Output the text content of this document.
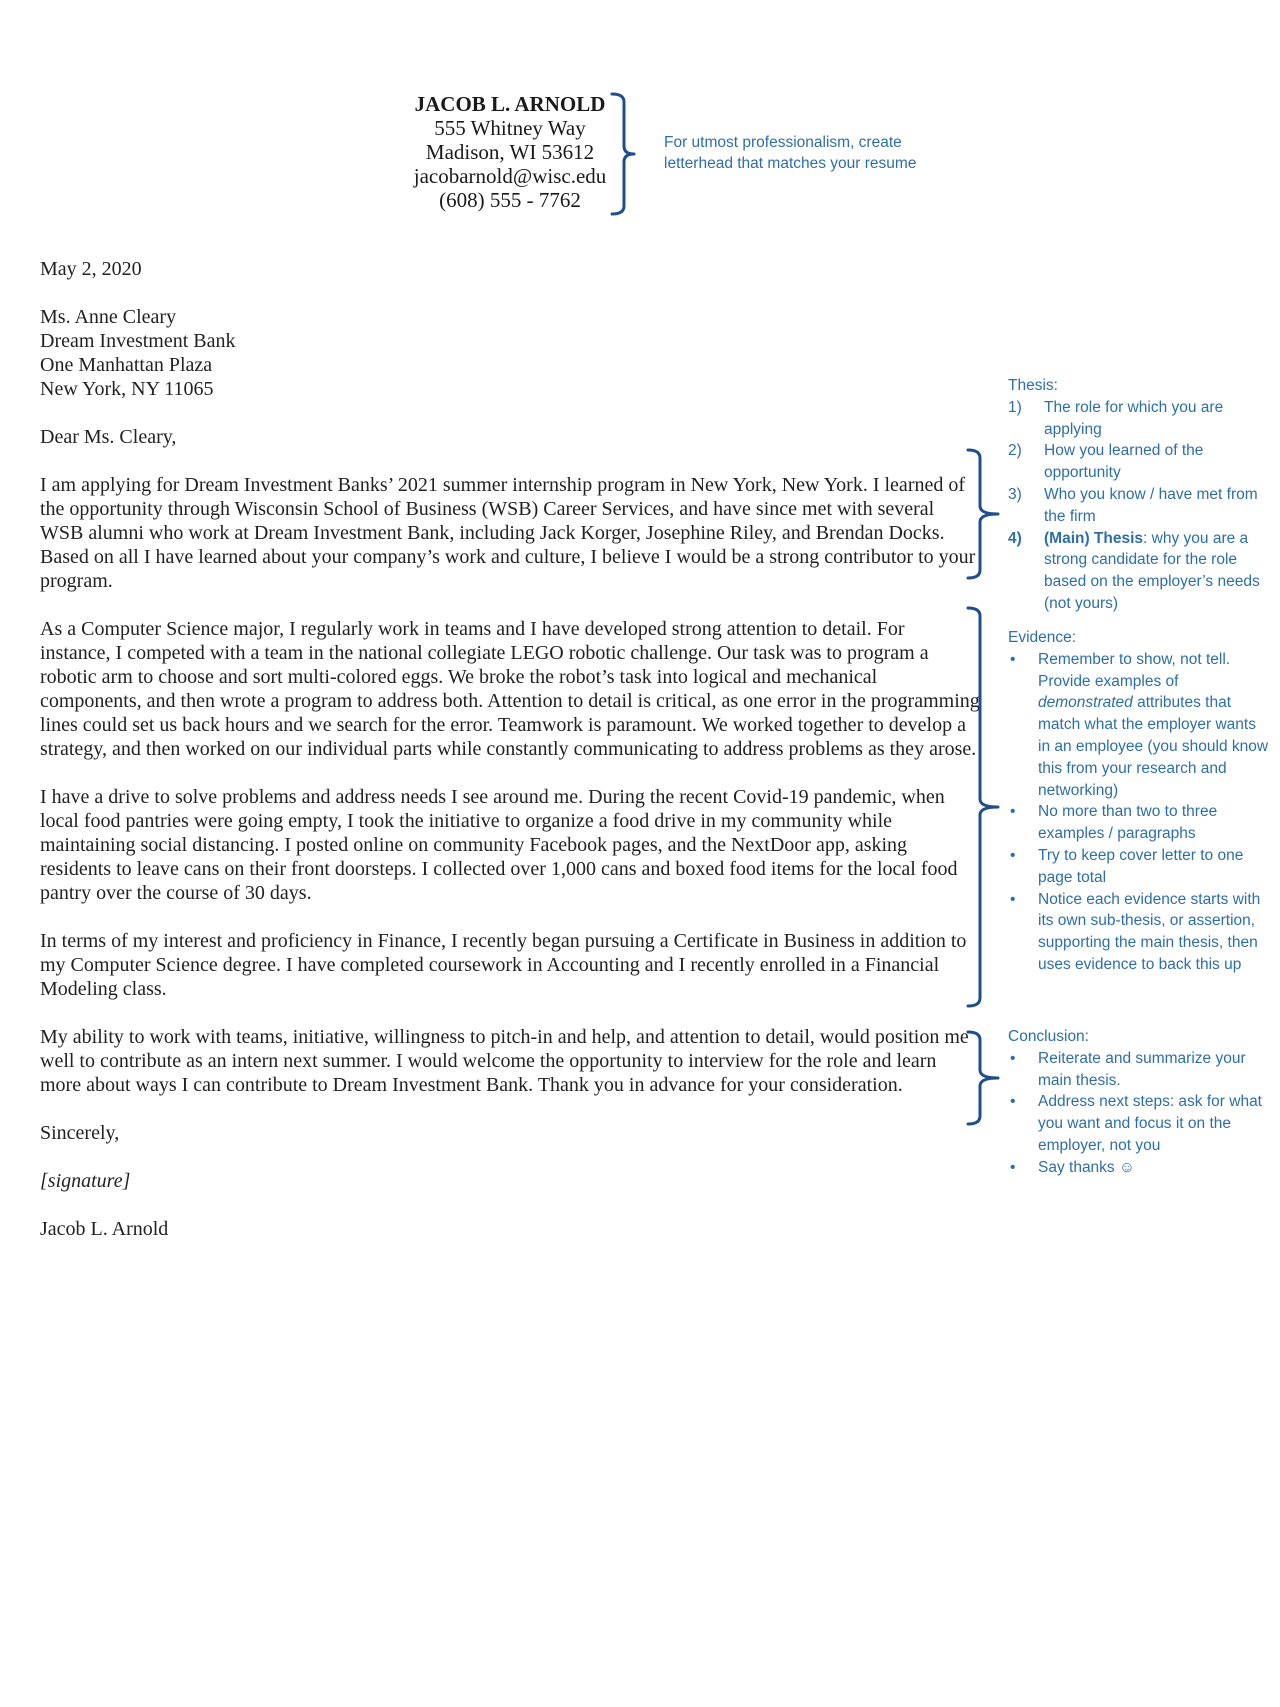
JACOB L. ARNOLD
555 Whitney Way
Madison, WI 53612
jacobarnold@wisc.edu
(608) 555 - 7762
For utmost professionalism, create letterhead that matches your resume

May 2, 2020

Ms. Anne Cleary
Dream Investment Bank
One Manhattan Plaza
New York, NY 11065

Dear Ms. Cleary,

I am applying for Dream Investment Banks’ 2021 summer internship program in New York, New York. I learned of the opportunity through Wisconsin School of Business (WSB) Career Services, and have since met with several WSB alumni who work at Dream Investment Bank, including Jack Korger, Josephine Riley, and Brendan Docks. Based on all I have learned about your company’s work and culture, I believe I would be a strong contributor to your program.

As a Computer Science major, I regularly work in teams and I have developed strong attention to detail. For instance, I competed with a team in the national collegiate LEGO robotic challenge. Our task was to program a robotic arm to choose and sort multi-colored eggs. We broke the robot’s task into logical and mechanical components, and then wrote a program to address both. Attention to detail is critical, as one error in the programming lines could set us back hours and we search for the error. Teamwork is paramount. We worked together to develop a strategy, and then worked on our individual parts while constantly communicating to address problems as they arose.

I have a drive to solve problems and address needs I see around me. During the recent Covid-19 pandemic, when local food pantries were going empty, I took the initiative to organize a food drive in my community while maintaining social distancing. I posted online on community Facebook pages, and the NextDoor app, asking residents to leave cans on their front doorsteps. I collected over 1,000 cans and boxed food items for the local food pantry over the course of 30 days.

In terms of my interest and proficiency in Finance, I recently began pursuing a Certificate in Business in addition to my Computer Science degree. I have completed coursework in Accounting and I recently enrolled in a Financial Modeling class.

My ability to work with teams, initiative, willingness to pitch-in and help, and attention to detail, would position me well to contribute as an intern next summer. I would welcome the opportunity to interview for the role and learn more about ways I can contribute to Dream Investment Bank. Thank you in advance for your consideration.

Sincerely,

[signature]

Jacob L. Arnold

Thesis:
1)	The role for which you are applying
2)	How you learned of the opportunity
3)	Who you know / have met from the firm
4)	(Main) Thesis: why you are a strong candidate for the role based on the employer’s needs (not yours)
Evidence:
• Remember to show, not tell. Provide examples of demonstrated attributes that match what the employer wants in an employee (you should know this from your research and networking)
• No more than two to three examples / paragraphs
• Try to keep cover letter to one page total
• Notice each evidence starts with its own sub-thesis, or assertion, supporting the main thesis, then uses evidence to back this up
Conclusion:
• Reiterate and summarize your main thesis.
• Address next steps: ask for what you want and focus it on the employer, not you
• Say thanks ☺
